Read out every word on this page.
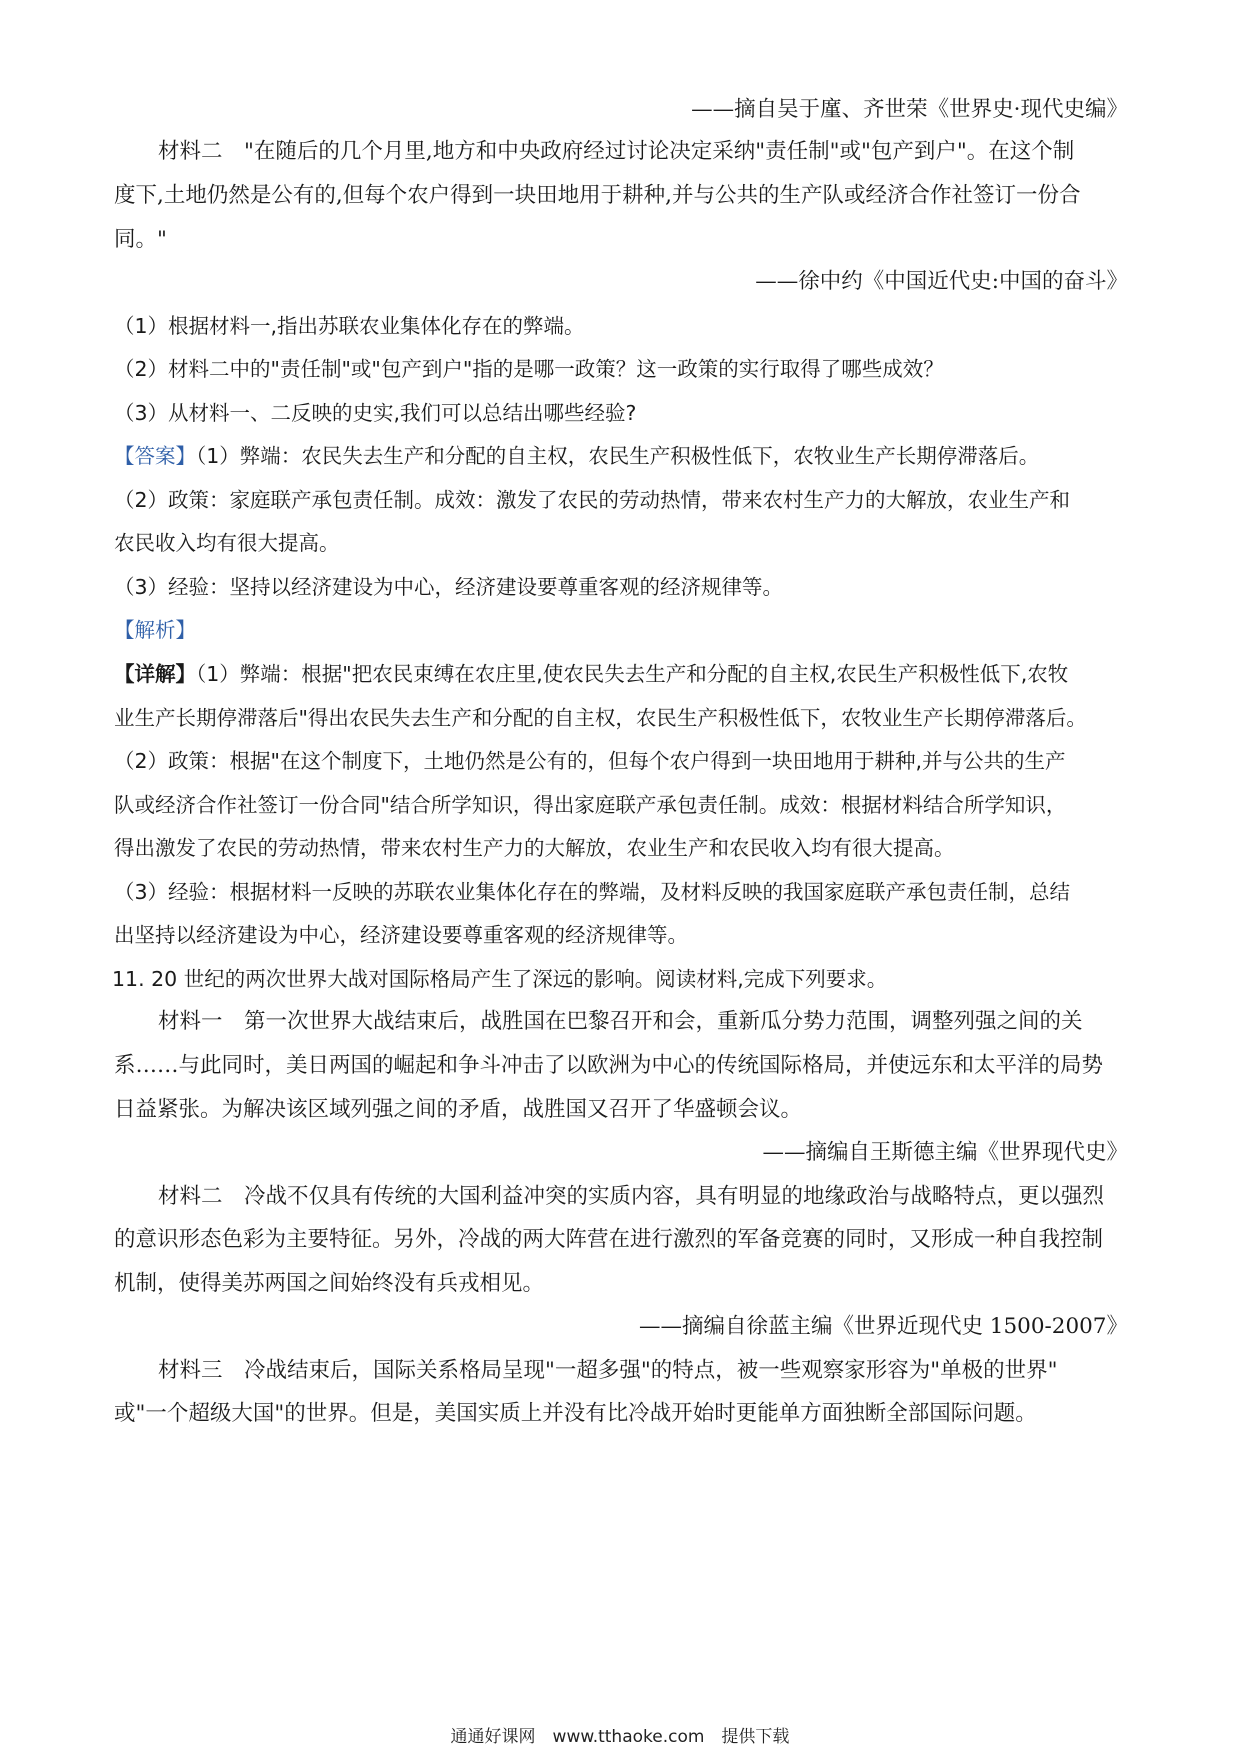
——摘自吴于廑、齐世荣《世界史·现代史编》
材料二　"在随后的几个月里,地方和中央政府经过讨论决定采纳"责任制"或"包产到户"。在这个制
度下,土地仍然是公有的,但每个农户得到一块田地用于耕种,并与公共的生产队或经济合作社签订一份合
同。"
——徐中约《中国近代史:中国的奋斗》
（1）根据材料一,指出苏联农业集体化存在的弊端。
（2）材料二中的"责任制"或"包产到户"指的是哪一政策？这一政策的实行取得了哪些成效？
（3）从材料一、二反映的史实,我们可以总结出哪些经验?
【答案】（1）弊端：农民失去生产和分配的自主权，农民生产积极性低下，农牧业生产长期停滞落后。
（2）政策：家庭联产承包责任制。成效：激发了农民的劳动热情，带来农村生产力的大解放，农业生产和
农民收入均有很大提高。
（3）经验：坚持以经济建设为中心，经济建设要尊重客观的经济规律等。
【解析】
【详解】（1）弊端：根据"把农民束缚在农庄里,使农民失去生产和分配的自主权,农民生产积极性低下,农牧
业生产长期停滞落后"得出农民失去生产和分配的自主权，农民生产积极性低下，农牧业生产长期停滞落后。
（2）政策：根据"在这个制度下，土地仍然是公有的，但每个农户得到一块田地用于耕种,并与公共的生产
队或经济合作社签订一份合同"结合所学知识，得出家庭联产承包责任制。成效：根据材料结合所学知识，
得出激发了农民的劳动热情，带来农村生产力的大解放，农业生产和农民收入均有很大提高。
（3）经验：根据材料一反映的苏联农业集体化存在的弊端，及材料反映的我国家庭联产承包责任制，总结
出坚持以经济建设为中心，经济建设要尊重客观的经济规律等。
11. 20 世纪的两次世界大战对国际格局产生了深远的影响。阅读材料,完成下列要求。
材料一　第一次世界大战结束后，战胜国在巴黎召开和会，重新瓜分势力范围，调整列强之间的关
系……与此同时，美日两国的崛起和争斗冲击了以欧洲为中心的传统国际格局，并使远东和太平洋的局势
日益紧张。为解决该区域列强之间的矛盾，战胜国又召开了华盛顿会议。
——摘编自王斯德主编《世界现代史》
材料二　冷战不仅具有传统的大国利益冲突的实质内容，具有明显的地缘政治与战略特点，更以强烈
的意识形态色彩为主要特征。另外，冷战的两大阵营在进行激烈的军备竞赛的同时，又形成一种自我控制
机制，使得美苏两国之间始终没有兵戎相见。
——摘编自徐蓝主编《世界近现代史 1500-2007》
材料三　冷战结束后，国际关系格局呈现"一超多强"的特点，被一些观察家形容为"单极的世界"
或"一个超级大国"的世界。但是，美国实质上并没有比冷战开始时更能单方面独断全部国际问题。
通通好课网　www.tthaoke.com　提供下载
